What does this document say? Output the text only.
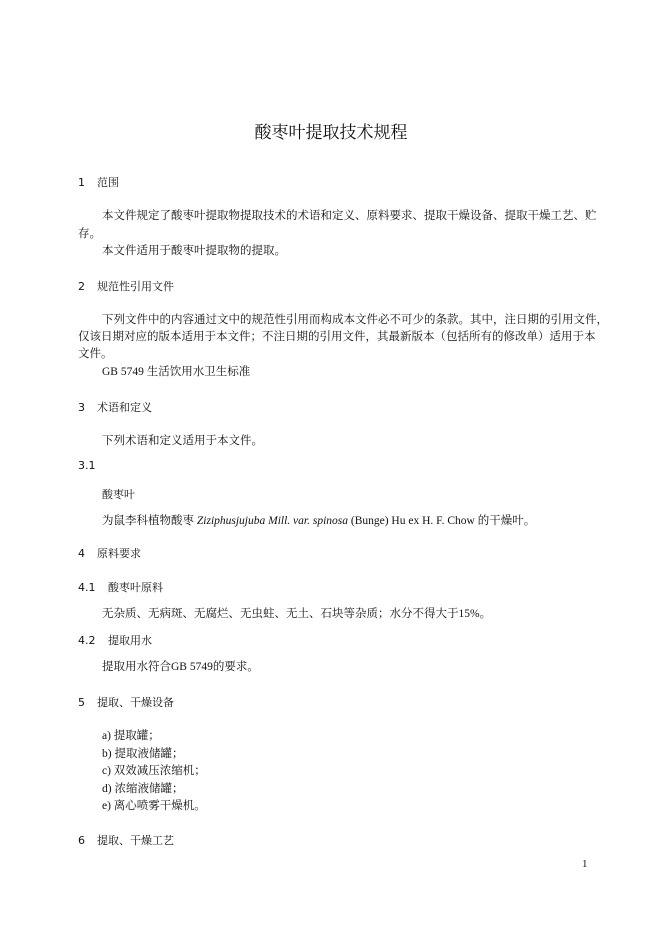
酸枣叶提取技术规程
1 范围
本文件规定了酸枣叶提取物提取技术的术语和定义、原料要求、提取干燥设备、提取干燥工艺、贮
存。
本文件适用于酸枣叶提取物的提取。
2 规范性引用文件
下列文件中的内容通过文中的规范性引用而构成本文件必不可少的条款。其中，注日期的引用文件，
仅该日期对应的版本适用于本文件；不注日期的引用文件，其最新版本（包括所有的修改单）适用于本
文件。
GB 5749 生活饮用水卫生标准
3 术语和定义
下列术语和定义适用于本文件。
3.1
酸枣叶
为鼠李科植物酸枣 Ziziphusjujuba Mill. var. spinosa (Bunge) Hu ex H. F. Chow 的干燥叶。
4 原料要求
4.1 酸枣叶原料
无杂质、无病斑、无腐烂、无虫蛀、无土、石块等杂质；水分不得大于15%。
4.2 提取用水
提取用水符合GB 5749的要求。
5 提取、干燥设备
a) 提取罐；
b) 提取液储罐；
c) 双效减压浓缩机；
d) 浓缩液储罐；
e) 离心喷雾干燥机。
6 提取、干燥工艺
1
